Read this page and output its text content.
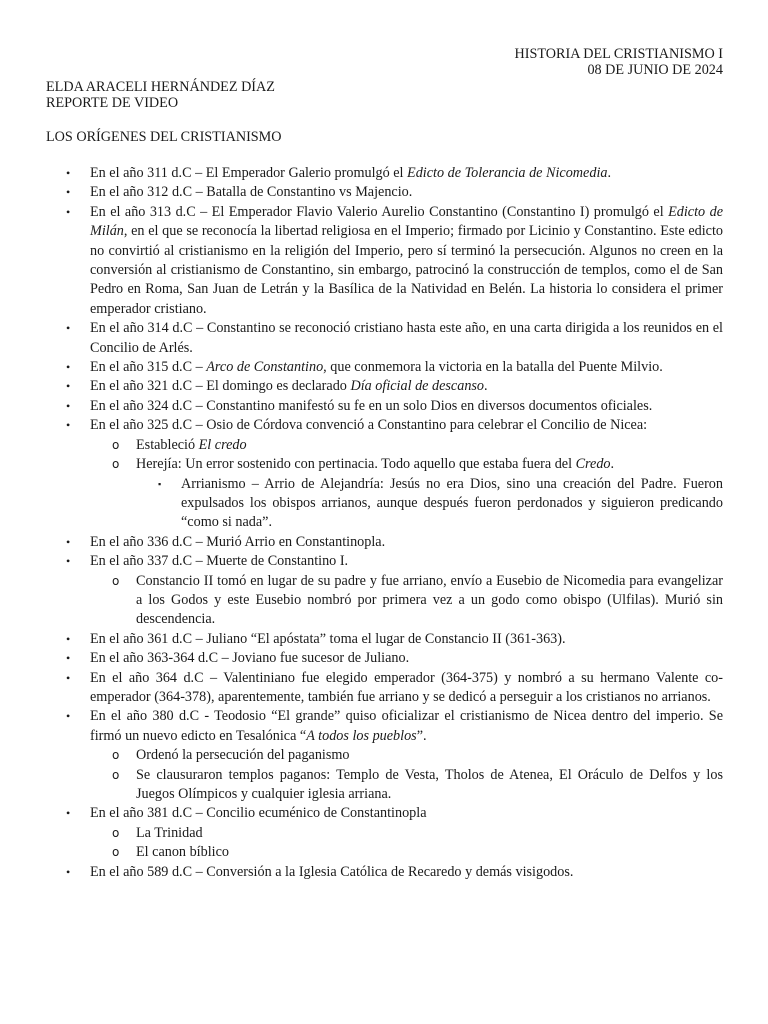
HISTORIA DEL CRISTIANISMO I
08 DE JUNIO DE 2024
ELDA ARACELI HERNÁNDEZ DÍAZ
REPORTE DE VIDEO
LOS ORÍGENES DEL CRISTIANISMO
• En el año 311 d.C – El Emperador Galerio promulgó el Edicto de Tolerancia de Nicomedia.
• En el año 312 d.C – Batalla de Constantino vs Majencio.
• En el año 313 d.C – El Emperador Flavio Valerio Aurelio Constantino (Constantino I) promulgó el Edicto de Milán, en el que se reconocía la libertad religiosa en el Imperio; firmado por Licinio y Constantino. Este edicto no convirtió al cristianismo en la religión del Imperio, pero sí terminó la persecución. Algunos no creen en la conversión al cristianismo de Constantino, sin embargo, patrocinó la construcción de templos, como el de San Pedro en Roma, San Juan de Letrán y la Basílica de la Natividad en Belén. La historia lo considera el primer emperador cristiano.
• En el año 314 d.C – Constantino se reconoció cristiano hasta este año, en una carta dirigida a los reunidos en el Concilio de Arlés.
• En el año 315 d.C – Arco de Constantino, que conmemora la victoria en la batalla del Puente Milvio.
• En el año 321 d.C – El domingo es declarado Día oficial de descanso.
• En el año 324 d.C – Constantino manifestó su fe en un solo Dios en diversos documentos oficiales.
• En el año 325 d.C – Osio de Córdova convenció a Constantino para celebrar el Concilio de Nicea:
o Estableció El credo
o Herejía: Un error sostenido con pertinacia. Todo aquello que estaba fuera del Credo.
▪ Arrianismo – Arrio de Alejandría: Jesús no era Dios, sino una creación del Padre. Fueron expulsados los obispos arrianos, aunque después fueron perdonados y siguieron predicando “como si nada”.
• En el año 336 d.C – Murió Arrio en Constantinopla.
• En el año 337 d.C – Muerte de Constantino I.
o Constancio II tomó en lugar de su padre y fue arriano, envío a Eusebio de Nicomedia para evangelizar a los Godos y este Eusebio nombró por primera vez a un godo como obispo (Ulfilas). Murió sin descendencia.
• En el año 361 d.C – Juliano “El apóstata” toma el lugar de Constancio II (361-363).
• En el año 363-364 d.C – Joviano fue sucesor de Juliano.
• En el año 364 d.C – Valentiniano fue elegido emperador (364-375) y nombró a su hermano Valente co-emperador (364-378), aparentemente, también fue arriano y se dedicó a perseguir a los cristianos no arrianos.
• En el año 380 d.C - Teodosio “El grande” quiso oficializar el cristianismo de Nicea dentro del imperio. Se firmó un nuevo edicto en Tesalónica “A todos los pueblos”.
o Ordenó la persecución del paganismo
o Se clausuraron templos paganos: Templo de Vesta, Tholos de Atenea, El Oráculo de Delfos y los Juegos Olímpicos y cualquier iglesia arriana.
• En el año 381 d.C – Concilio ecuménico de Constantinopla
o La Trinidad
o El canon bíblico
• En el año 589 d.C – Conversión a la Iglesia Católica de Recaredo y demás visigodos.
